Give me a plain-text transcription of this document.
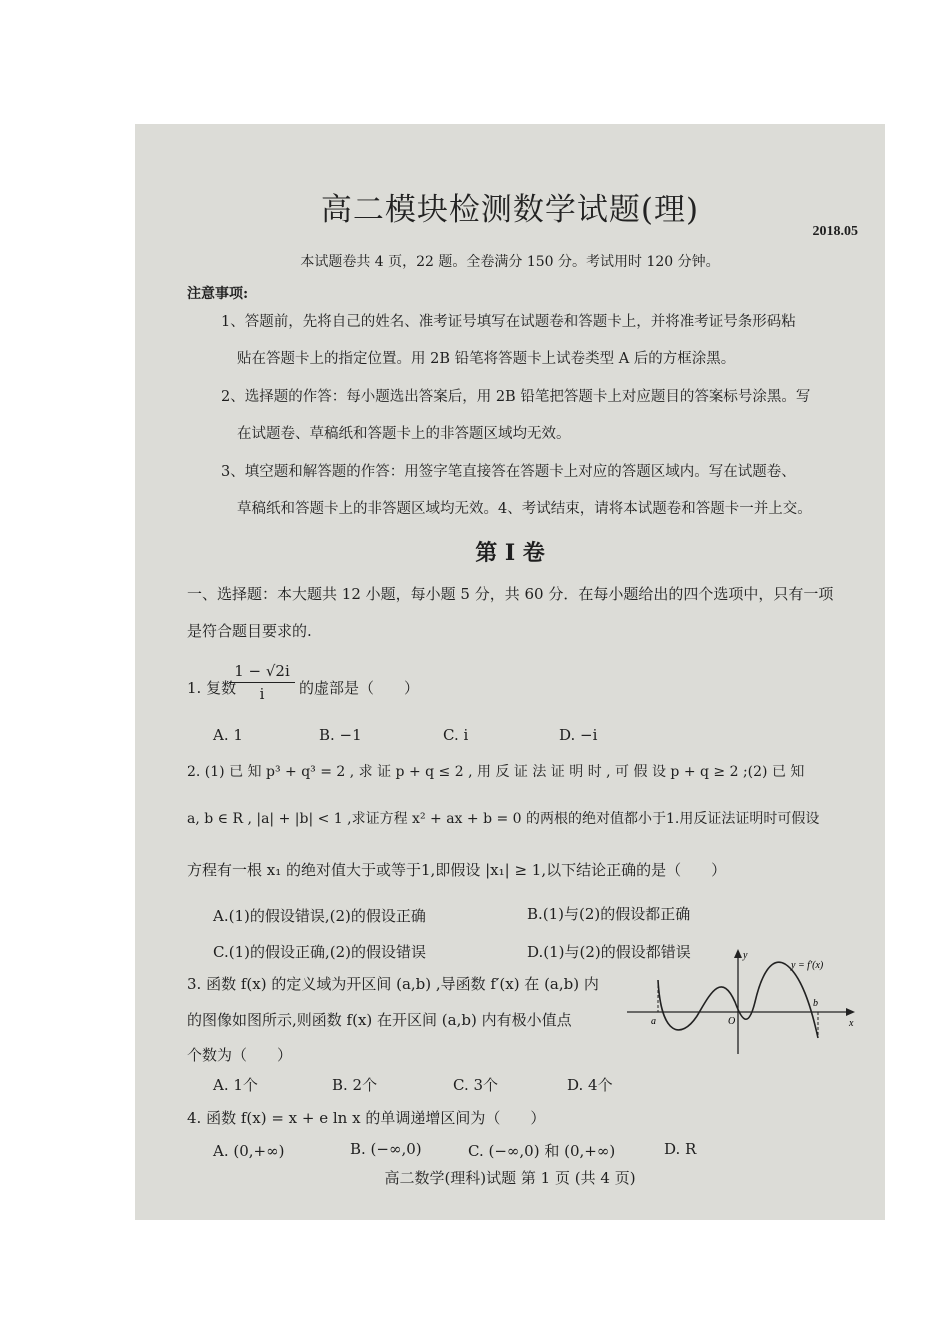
高二模块检测数学试题(理)
2018.05
本试题卷共 4 页，22 题。全卷满分 150 分。考试用时 120 分钟。
注意事项:
1、答题前，先将自己的姓名、准考证号填写在试题卷和答题卡上，并将准考证号条形码粘
贴在答题卡上的指定位置。用 2B 铅笔将答题卡上试卷类型 A 后的方框涂黑。
2、选择题的作答：每小题选出答案后，用 2B 铅笔把答题卡上对应题目的答案标号涂黑。写
在试题卷、草稿纸和答题卡上的非答题区域均无效。
3、填空题和解答题的作答：用签字笔直接答在答题卡上对应的答题区域内。写在试题卷、
草稿纸和答题卡上的非答题区域均无效。4、考试结束，请将本试题卷和答题卡一并上交。
第 I 卷
一、选择题：本大题共 12 小题，每小题 5 分，共 60 分．在每小题给出的四个选项中，只有一项
是符合题目要求的.
1. 复数
$\frac{1 - √2i}{i}$ 的虚部是（　　）
A. 1	B. −1	C. i	D. −i
2. (1) 已 知 p³ + q³ = 2 , 求 证 p + q ≤ 2 , 用 反 证 法 证 明 时 , 可 假 设 p + q ≥ 2 ;(2) 已 知
a, b ∈ R , |a| + |b| < 1 ,求证方程 x² + ax + b = 0 的两根的绝对值都小于1.用反证法证明时可假设
方程有一根 x₁ 的绝对值大于或等于1,即假设 |x₁| ≥ 1,以下结论正确的是（　　）
A.(1)的假设错误,(2)的假设正确	B.(1)与(2)的假设都正确
C.(1)的假设正确,(2)的假设错误	D.(1)与(2)的假设都错误
3. 函数 f(x) 的定义域为开区间 (a,b) ,导函数 f′(x) 在 (a,b) 内
的图像如图所示,则函数 f(x) 在开区间 (a,b) 内有极小值点
个数为（　　）
A. 1个	B. 2个	C. 3个	D. 4个
a	O
b
y
x
y = f′(x)
4. 函数 f(x) = x + e ln x 的单调递增区间为（　　）
A. (0,+∞)	B. (−∞,0)	C. (−∞,0) 和 (0,+∞)	D. R
高二数学(理科)试题 第 1 页 (共 4 页)
